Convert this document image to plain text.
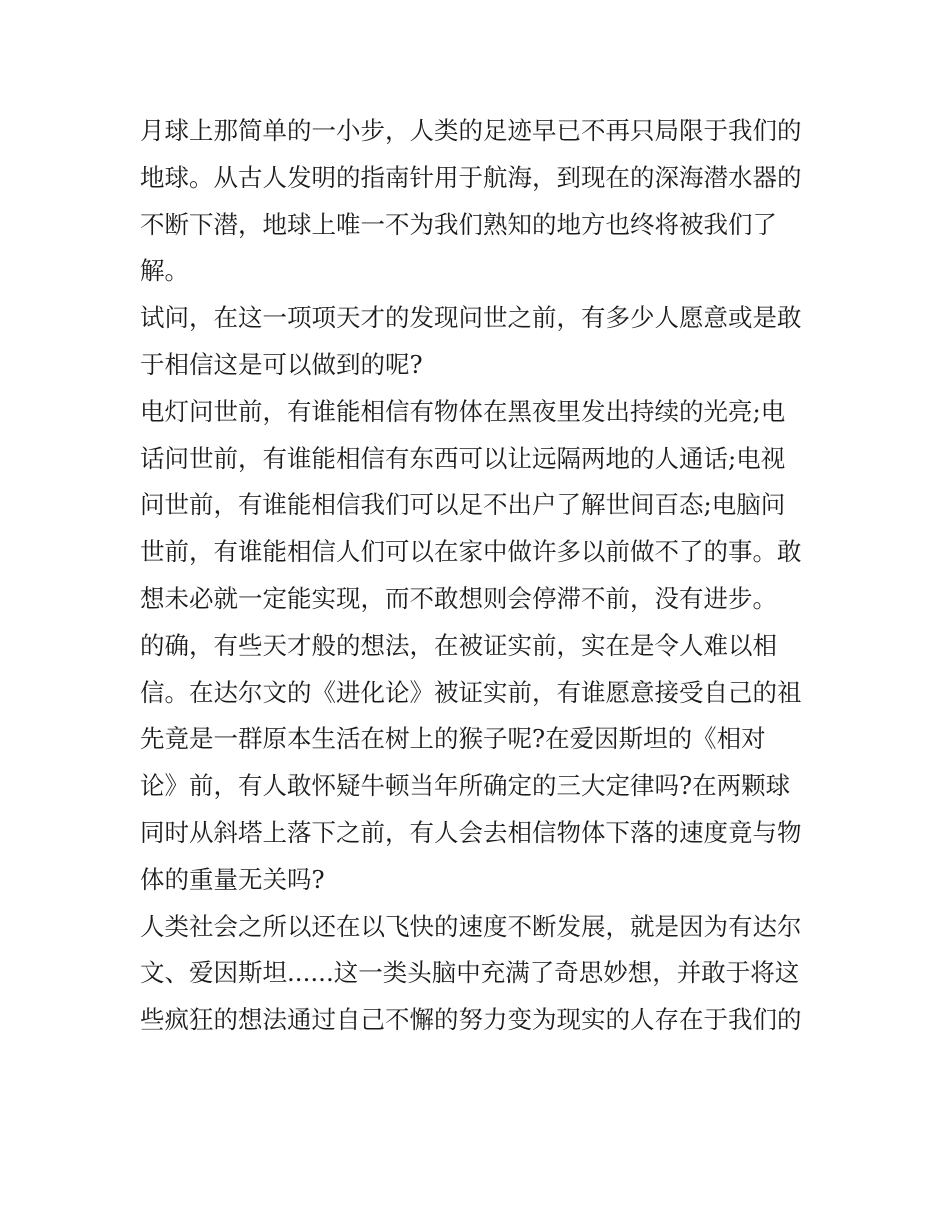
月球上那简单的一小步，人类的足迹早已不再只局限于我们的
地球。从古人发明的指南针用于航海，到现在的深海潜水器的
不断下潜，地球上唯一不为我们熟知的地方也终将被我们了
解。
试问，在这一项项天才的发现问世之前，有多少人愿意或是敢
于相信这是可以做到的呢?
电灯问世前，有谁能相信有物体在黑夜里发出持续的光亮;电
话问世前，有谁能相信有东西可以让远隔两地的人通话;电视
问世前，有谁能相信我们可以足不出户了解世间百态;电脑问
世前，有谁能相信人们可以在家中做许多以前做不了的事。敢
想未必就一定能实现，而不敢想则会停滞不前，没有进步。
的确，有些天才般的想法，在被证实前，实在是令人难以相
信。在达尔文的《进化论》被证实前，有谁愿意接受自己的祖
先竟是一群原本生活在树上的猴子呢?在爱因斯坦的《相对
论》前，有人敢怀疑牛顿当年所确定的三大定律吗?在两颗球
同时从斜塔上落下之前，有人会去相信物体下落的速度竟与物
体的重量无关吗?
人类社会之所以还在以飞快的速度不断发展，就是因为有达尔
文、爱因斯坦......这一类头脑中充满了奇思妙想，并敢于将这
些疯狂的想法通过自己不懈的努力变为现实的人存在于我们的
